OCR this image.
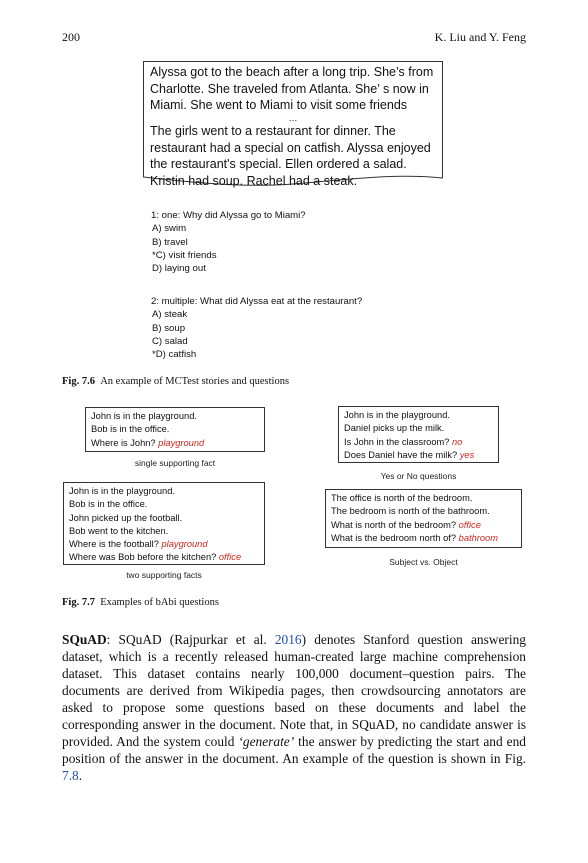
200	K. Liu and Y. Feng
Alyssa got to the beach after a long trip. She’s from
Charlotte. She traveled from Atlanta. She’ s now in
Miami. She went to Miami to visit some friends
…
The girls went to a restaurant for dinner. The
restaurant had a special on catfish. Alyssa enjoyed
the restaurant's special. Ellen ordered a salad.
Kristin had soup. Rachel had a steak.
1: one: Why did Alyssa go to Miami?
A) swim
B) travel
*C) visit friends
D) laying out
2: multiple: What did Alyssa eat at the restaurant?
A) steak
B) soup
C) salad
*D) catfish
Fig. 7.6 An example of MCTest stories and questions
John is in the playground.
Bob is in the office.
Where is John? playground
single supporting fact
John is in the playground.
Bob is in the office.
John picked up the football.
Bob went to the kitchen.
Where is the football? playground
Where was Bob before the kitchen? office
two supporting facts
John is in the playground.
Daniel picks up the milk.
Is John in the classroom? no
Does Daniel have the milk? yes
Yes or No questions
The office is north of the bedroom.
The bedroom is north of the bathroom.
What is north of the bedroom? office
What is the bedroom north of? bathroom
Subject vs. Object
Fig. 7.7 Examples of bAbi questions
SQuAD: SQuAD (Rajpurkar et al. 2016) denotes Stanford question answering dataset, which is a recently released human-created large machine comprehension dataset. This dataset contains nearly 100,000 document–question pairs. The documents are derived from Wikipedia pages, then crowdsourcing annotators are asked to propose some questions based on these documents and label the corresponding answer in the document. Note that, in SQuAD, no candidate answer is provided. And the system could ‘generate’ the answer by predicting the start and end position of the answer in the document. An example of the question is shown in Fig. 7.8.
